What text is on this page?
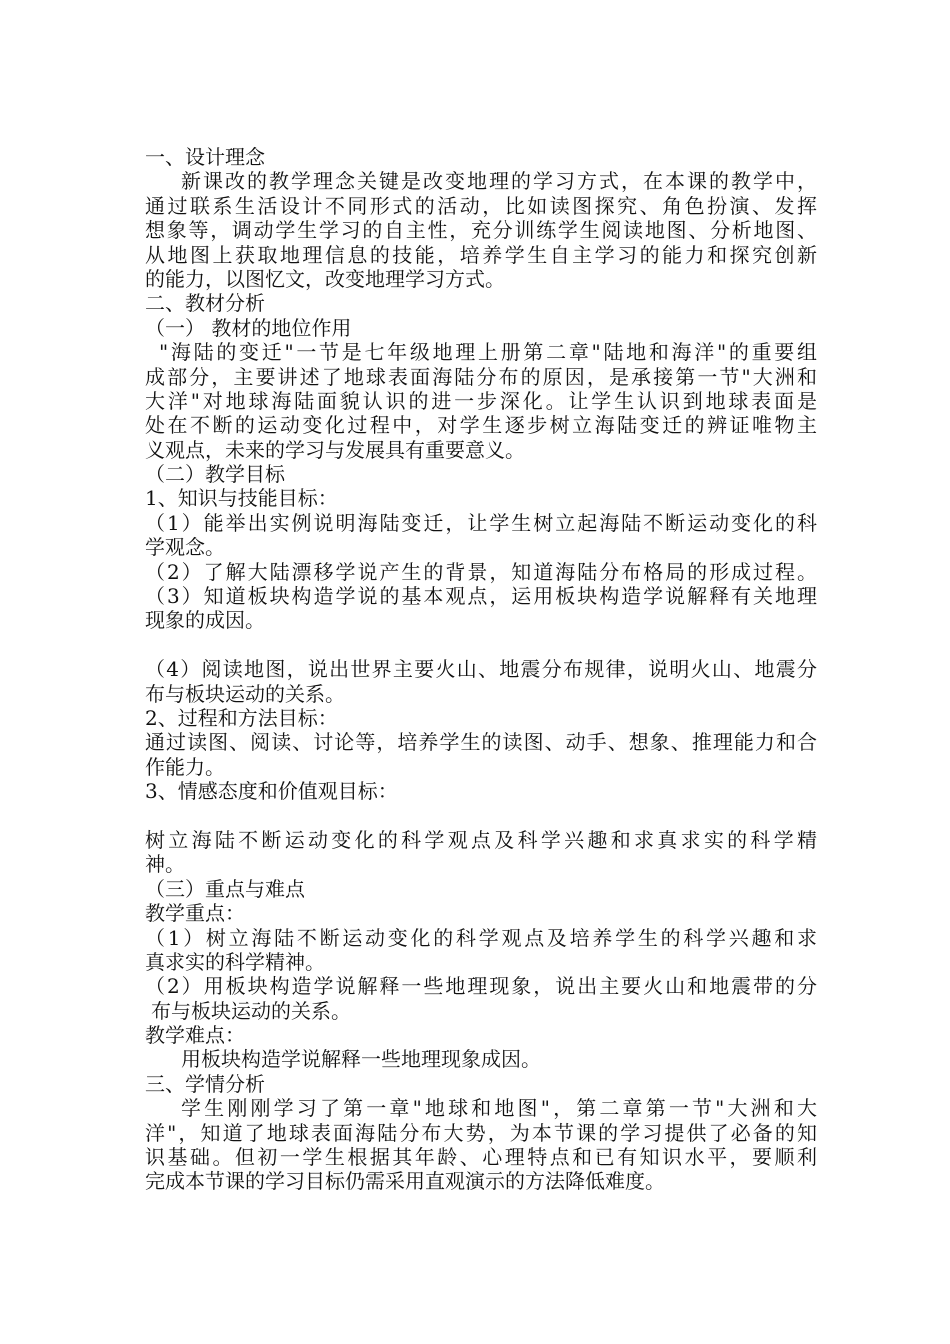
一、设计理念
新课改的教学理念关键是改变地理的学习方式，在本课的教学中，
通过联系生活设计不同形式的活动，比如读图探究、角色扮演、发挥
想象等，调动学生学习的自主性，充分训练学生阅读地图、分析地图、
从地图上获取地理信息的技能，培养学生自主学习的能力和探究创新
的能力，以图忆文，改变地理学习方式。
二、教材分析
（一） 教材的地位作用
"海陆的变迁"一节是七年级地理上册第二章"陆地和海洋"的重要组
成部分，主要讲述了地球表面海陆分布的原因，是承接第一节"大洲和
大洋"对地球海陆面貌认识的进一步深化。让学生认识到地球表面是
处在不断的运动变化过程中，对学生逐步树立海陆变迁的辨证唯物主
义观点，未来的学习与发展具有重要意义。
（二）教学目标
1、知识与技能目标：
（1）能举出实例说明海陆变迁，让学生树立起海陆不断运动变化的科
学观念。
（2）了解大陆漂移学说产生的背景，知道海陆分布格局的形成过程。
（3）知道板块构造学说的基本观点，运用板块构造学说解释有关地理
现象的成因。
（4）阅读地图，说出世界主要火山、地震分布规律，说明火山、地震分
布与板块运动的关系。
2、过程和方法目标：
通过读图、阅读、讨论等，培养学生的读图、动手、想象、推理能力和合
作能力。
3、情感态度和价值观目标：
树立海陆不断运动变化的科学观点及科学兴趣和求真求实的科学精
神。
（三）重点与难点
教学重点：
（1）树立海陆不断运动变化的科学观点及培养学生的科学兴趣和求
真求实的科学精神。
（2）用板块构造学说解释一些地理现象，说出主要火山和地震带的分
布与板块运动的关系。
教学难点：
用板块构造学说解释一些地理现象成因。
三、学情分析
学生刚刚学习了第一章"地球和地图"，第二章第一节"大洲和大
洋"，知道了地球表面海陆分布大势，为本节课的学习提供了必备的知
识基础。但初一学生根据其年龄、心理特点和已有知识水平，要顺利
完成本节课的学习目标仍需采用直观演示的方法降低难度。
